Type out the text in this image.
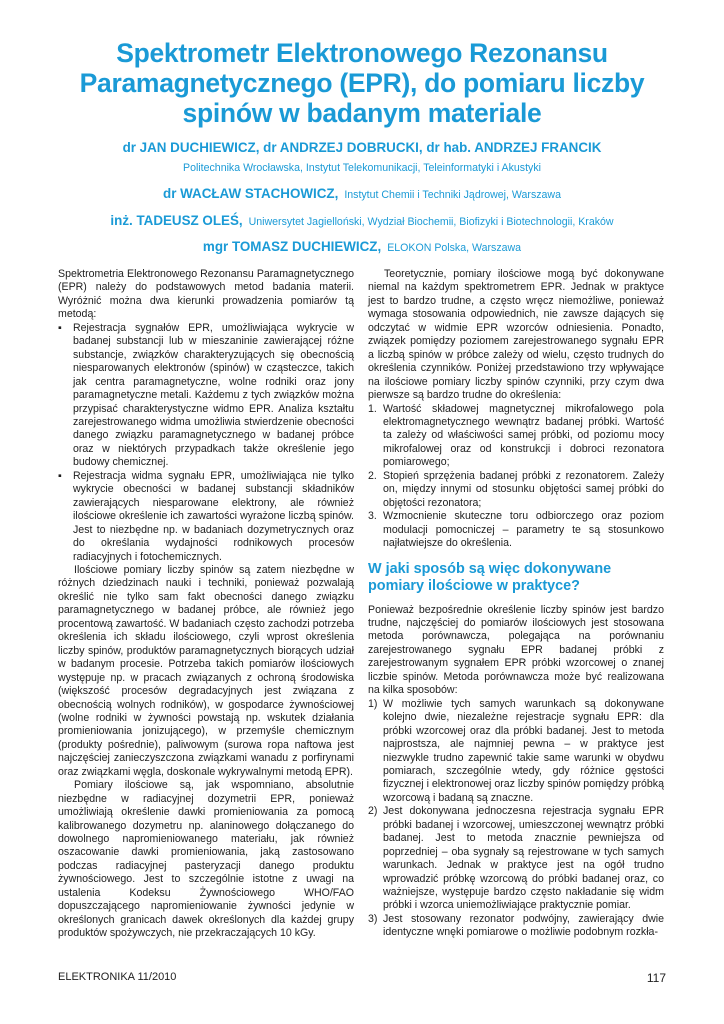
Spektrometr Elektronowego Rezonansu
Paramagnetycznego (EPR), do pomiaru liczby
spinów w badanym materiale
dr JAN DUCHIEWICZ, dr ANDRZEJ DOBRUCKI, dr hab. ANDRZEJ FRANCIK
Politechnika Wrocławska, Instytut Telekomunikacji, Teleinformatyki i Akustyki
dr WACŁAW STACHOWICZ, Instytut Chemii i Techniki Jądrowej, Warszawa
inż. TADEUSZ OLEŚ, Uniwersytet Jagielloński, Wydział Biochemii, Biofizyki i Biotechnologii, Kraków
mgr TOMASZ DUCHIEWICZ, ELOKON Polska, Warszawa

Spektrometria Elektronowego Rezonansu Paramagnetycznego (EPR) należy do podstawowych metod badania materii. Wyróżnić można dwa kierunki prowadzenia pomiarów tą metodą:

▪	Rejestracja sygnałów EPR, umożliwiająca wykrycie w badanej substancji lub w mieszaninie zawierającej różne substancje, związków charakteryzujących się obecnością niesparowanych elektronów (spinów) w cząsteczce, takich jak centra paramagnetyczne, wolne rodniki oraz jony paramagnetyczne metali. Każdemu z tych związków można przypisać charakterystyczne widmo EPR. Analiza kształtu zarejestrowanego widma umożliwia stwierdzenie obecności danego związku paramagnetycznego w badanej próbce oraz w niektórych przypadkach także określenie jego budowy chemicznej.
▪	Rejestracja widma sygnału EPR, umożliwiająca nie tylko wykrycie obecności w badanej substancji składników zawierających niesparowane elektrony, ale również ilościowe określenie ich zawartości wyrażone liczbą spinów. Jest to niezbędne np. w badaniach dozymetrycznych oraz do określania wydajności rodnikowych procesów radiacyjnych i fotochemicznych.

Ilościowe pomiary liczby spinów są zatem niezbędne w różnych dziedzinach nauki i techniki, ponieważ pozwalają określić nie tylko sam fakt obecności danego związku paramagnetycznego w badanej próbce, ale również jego procentową zawartość. W badaniach często zachodzi potrzeba określenia ich składu ilościowego, czyli wprost określenia liczby spinów, produktów paramagnetycznych biorących udział w badanym procesie. Potrzeba takich pomiarów ilościowych występuje np. w pracach związanych z ochroną środowiska (większość procesów degradacyjnych jest związana z obecnością wolnych rodników), w gospodarce żywnościowej (wolne rodniki w żywności powstają np. wskutek działania promieniowania jonizującego), w przemyśle chemicznym (produkty pośrednie), paliwowym (surowa ropa naftowa jest najczęściej zanieczyszczona związkami wanadu z porfirynami oraz związkami węgla, doskonale wykrywalnymi metodą EPR).

Pomiary ilościowe są, jak wspomniano, absolutnie niezbędne w radiacyjnej dozymetrii EPR, ponieważ umożliwiają określenie dawki promieniowania za pomocą kalibrowanego dozymetru np. alaninowego dołączanego do dowolnego napromieniowanego materiału, jak również oszacowanie dawki promieniowania, jaką zastosowano podczas radiacyjnej pasteryzacji danego produktu żywnościowego. Jest to szczególnie istotne z uwagi na ustalenia Kodeksu Żywnościowego WHO/FAO dopuszczającego napromieniowanie żywności jedynie w określonych granicach dawek określonych dla każdej grupy produktów spożywczych, nie przekraczających 10 kGy.

Teoretycznie, pomiary ilościowe mogą być dokonywane niemal na każdym spektrometrem EPR. Jednak w praktyce jest to bardzo trudne, a często wręcz niemożliwe, ponieważ wymaga stosowania odpowiednich, nie zawsze dających się odczytać w widmie EPR wzorców odniesienia. Ponadto, związek pomiędzy poziomem zarejestrowanego sygnału EPR a liczbą spinów w próbce zależy od wielu, często trudnych do określenia czynników. Poniżej przedstawiono trzy wpływające na ilościowe pomiary liczby spinów czynniki, przy czym dwa pierwsze są bardzo trudne do określenia:

1. Wartość składowej magnetycznej mikrofalowego pola elektromagnetycznego wewnątrz badanej próbki. Wartość ta zależy od właściwości samej próbki, od poziomu mocy mikrofalowej oraz od konstrukcji i dobroci rezonatora pomiarowego;
2. Stopień sprzężenia badanej próbki z rezonatorem. Zależy on, między innymi od stosunku objętości samej próbki do objętości rezonatora;
3. Wzmocnienie skuteczne toru odbiorczego oraz poziom modulacji pomocniczej – parametry te są stosunkowo najłatwiejsze do określenia.
W jaki sposób są więc dokonywane pomiary ilościowe w praktyce?

Ponieważ bezpośrednie określenie liczby spinów jest bardzo trudne, najczęściej do pomiarów ilościowych jest stosowana metoda porównawcza, polegająca na porównaniu zarejestrowanego sygnału EPR badanej próbki z zarejestrowanym sygnałem EPR próbki wzorcowej o znanej liczbie spinów. Metoda porównawcza może być realizowana na kilka sposobów:

1) W możliwie tych samych warunkach są dokonywane kolejno dwie, niezależne rejestracje sygnału EPR: dla próbki wzorcowej oraz dla próbki badanej. Jest to metoda najprostsza, ale najmniej pewna – w praktyce jest niezwykle trudno zapewnić takie same warunki w obydwu pomiarach, szczególnie wtedy, gdy różnice gęstości fizycznej i elektronowej oraz liczby spinów pomiędzy próbką wzorcową i badaną są znaczne.
2) Jest dokonywana jednoczesna rejestracja sygnału EPR próbki badanej i wzorcowej, umieszczonej wewnątrz próbki badanej. Jest to metoda znacznie pewniejsza od poprzedniej – oba sygnały są rejestrowane w tych samych warunkach. Jednak w praktyce jest na ogół trudno wprowadzić próbkę wzorcową do próbki badanej oraz, co ważniejsze, występuje bardzo często nakładanie się widm próbki i wzorca uniemożliwiające praktycznie pomiar.
3) Jest stosowany rezonator podwójny, zawierający dwie identyczne wnęki pomiarowe o możliwie podobnym rozkła-
ELEKTRONIKA 11/2010	117
